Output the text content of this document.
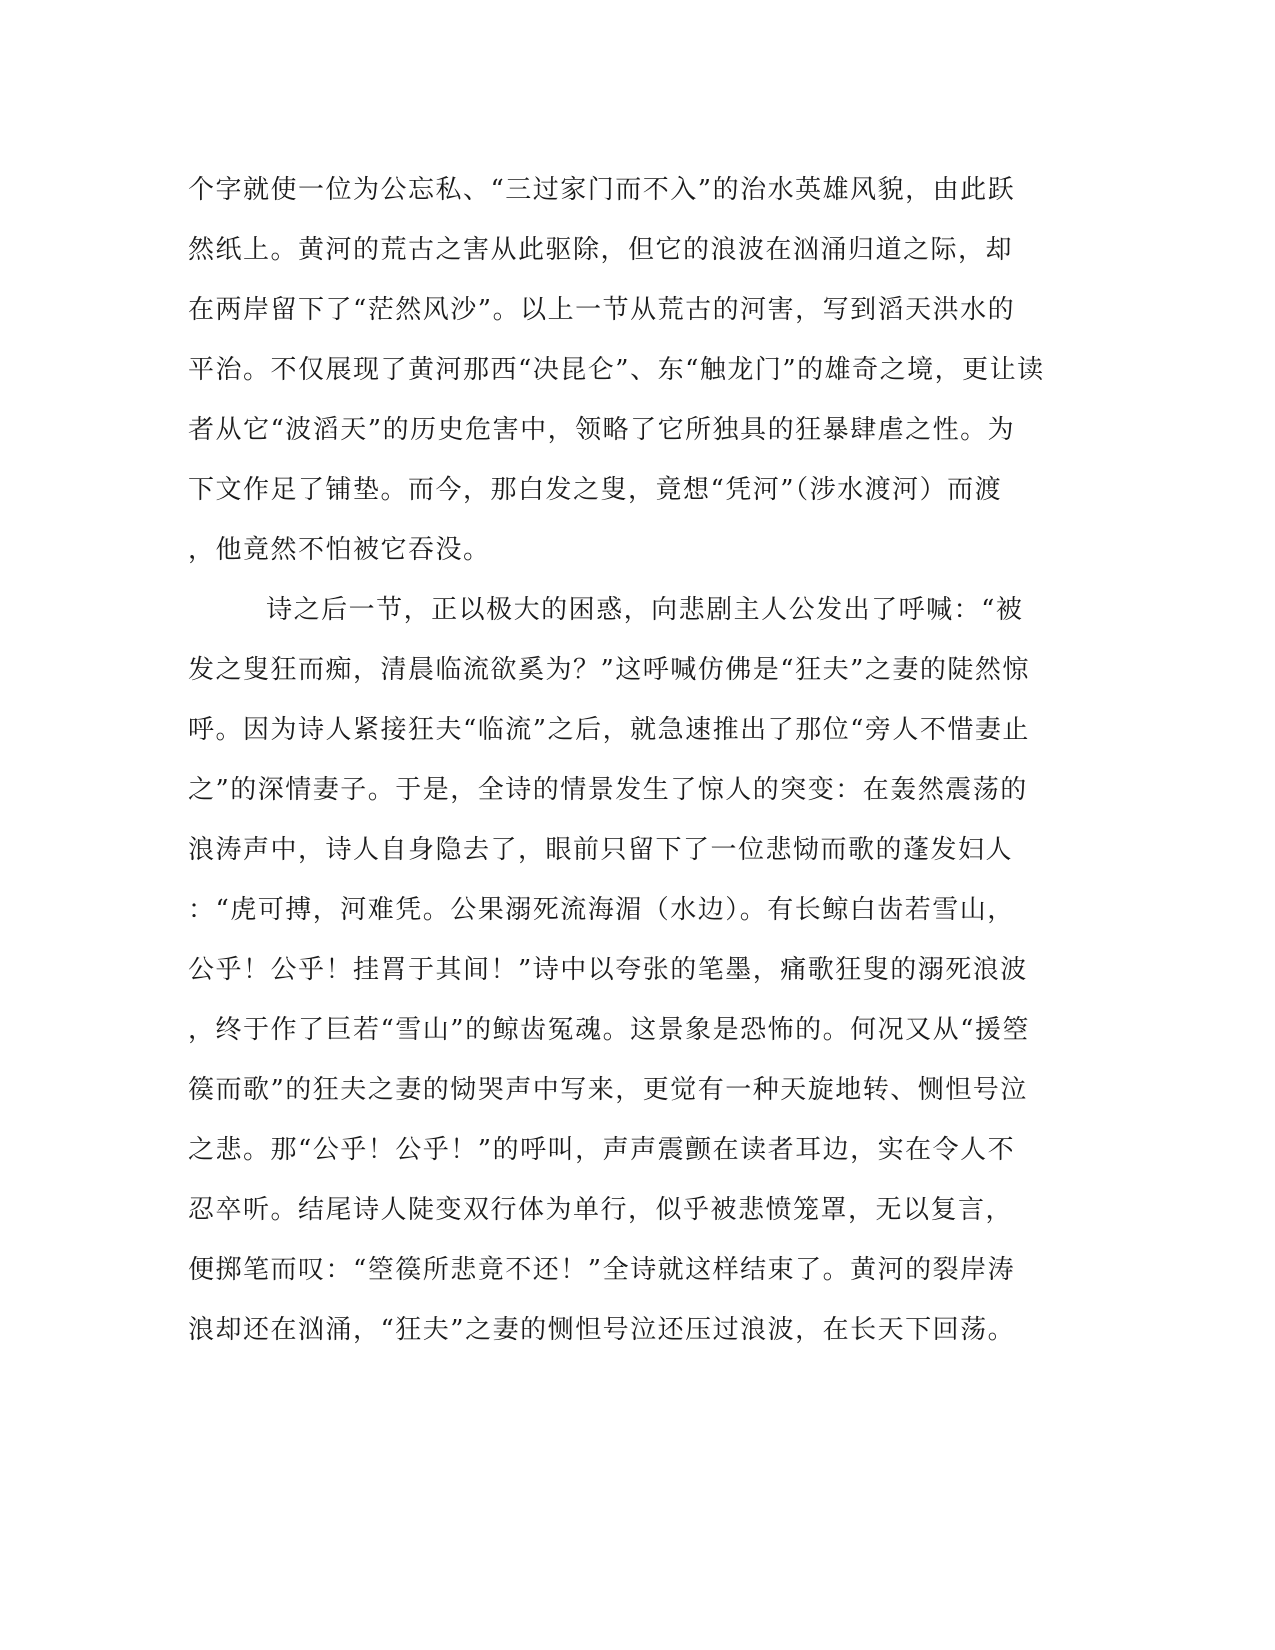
个字就使一位为公忘私、“三过家门而不入”的治水英雄风貌，由此跃
然纸上。黄河的荒古之害从此驱除，但它的浪波在汹涌归道之际，却
在两岸留下了“茫然风沙”。以上一节从荒古的河害，写到滔天洪水的
平治。不仅展现了黄河那西“决昆仑”、东“触龙门”的雄奇之境，更让读
者从它“波滔天”的历史危害中，领略了它所独具的狂暴肆虐之性。为
下文作足了铺垫。而今，那白发之叟，竟想“凭河”（涉水渡河）而渡
，他竟然不怕被它吞没。
诗之后一节，正以极大的困惑，向悲剧主人公发出了呼喊：“被
发之叟狂而痴，清晨临流欲奚为？”这呼喊仿佛是“狂夫”之妻的陡然惊
呼。因为诗人紧接狂夫“临流”之后，就急速推出了那位“旁人不惜妻止
之”的深情妻子。于是，全诗的情景发生了惊人的突变：在轰然震荡的
浪涛声中，诗人自身隐去了，眼前只留下了一位悲恸而歌的蓬发妇人
：“虎可搏，河难凭。公果溺死流海湄（水边）。有长鲸白齿若雪山，
公乎！公乎！挂罥于其间！”诗中以夸张的笔墨，痛歌狂叟的溺死浪波
，终于作了巨若“雪山”的鲸齿冤魂。这景象是恐怖的。何况又从“援箜
篌而歌”的狂夫之妻的恸哭声中写来，更觉有一种天旋地转、恻怛号泣
之悲。那“公乎！公乎！”的呼叫，声声震颤在读者耳边，实在令人不
忍卒听。结尾诗人陡变双行体为单行，似乎被悲愤笼罩，无以复言，
便掷笔而叹：“箜篌所悲竟不还！”全诗就这样结束了。黄河的裂岸涛
浪却还在汹涌，“狂夫”之妻的恻怛号泣还压过浪波，在长天下回荡。
